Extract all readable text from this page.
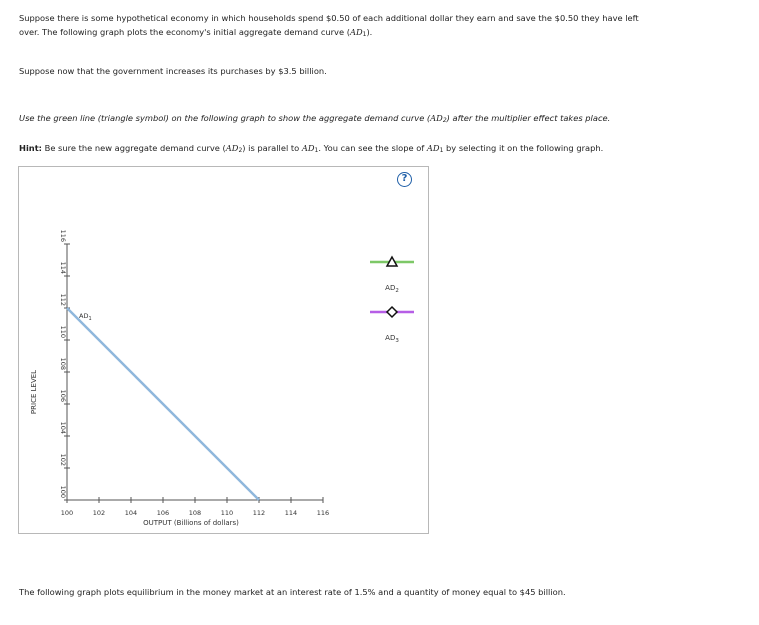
Suppose there is some hypothetical economy in which households spend $0.50 of each additional dollar they earn and save the $0.50 they have left
over. The following graph plots the economy's initial aggregate demand curve $(AD_1)$.

Suppose now that the government increases its purchases by $3.5 billion.

Use the green line (triangle symbol) on the following graph to show the aggregate demand curve $(AD_2)$ after the multiplier effect takes place.

Hint: Be sure the new aggregate demand curve $(AD_2)$ is parallel to $AD_1$. You can see the slope of $AD_1$ by selecting it on the following graph.

?
100
102
104
106
108
110
112
114
116
100	102	104	106	108	110	112	114	116
OUTPUT (Billions of dollars)
PRICE LEVEL
$AD_1$
$AD_2$
$AD_3$

The following graph plots equilibrium in the money market at an interest rate of 1.5% and a quantity of money equal to $45 billion.
